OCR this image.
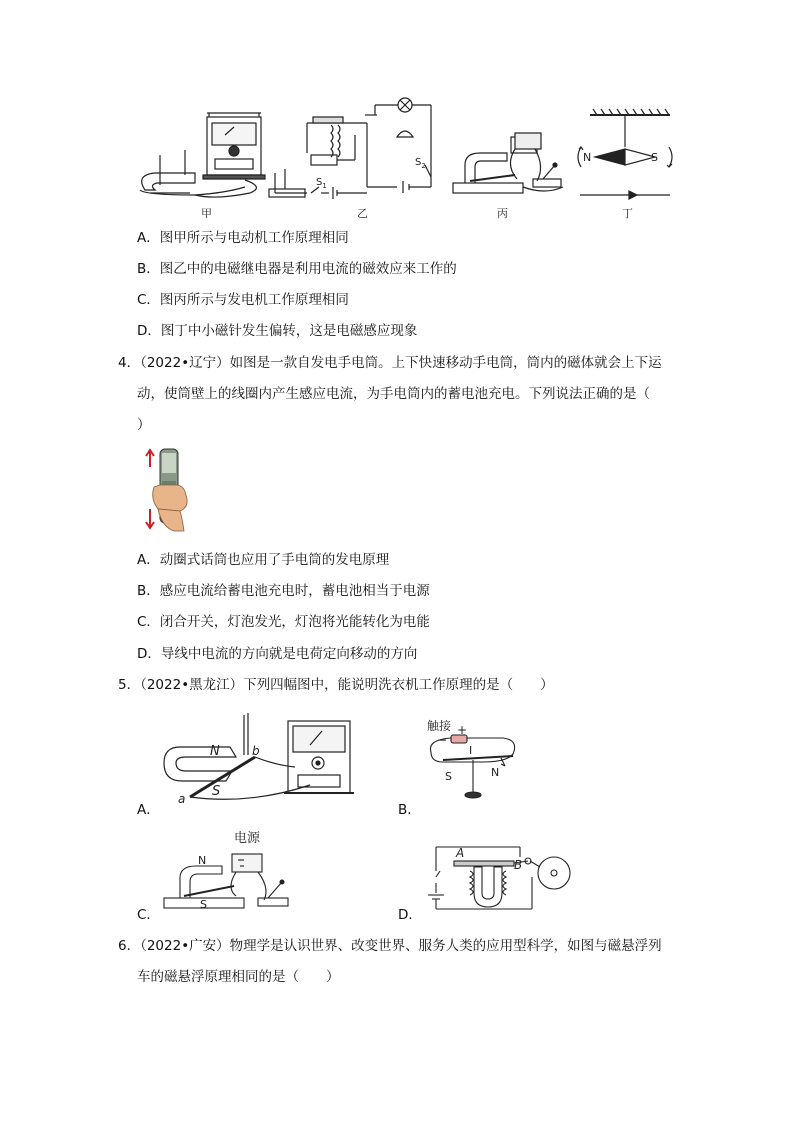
$S_1$
$S_2$
N	S
甲	乙	丙	丁
A．图甲所示与电动机工作原理相同
B．图乙中的电磁继电器是利用电流的磁效应来工作的
C．图丙所示与发电机工作原理相同
D．图丁中小磁针发生偏转，这是电磁感应现象
4．（2022•辽宁）如图是一款自发电手电筒。上下快速移动手电筒，筒内的磁体就会上下运
动，使筒壁上的线圈内产生感应电流，为手电筒内的蓄电池充电。下列说法正确的是（
）
A．动圈式话筒也应用了手电筒的发电原理
B．感应电流给蓄电池充电时，蓄电池相当于电源
C．闭合开关，灯泡发光，灯泡将光能转化为电能
D．导线中电流的方向就是电荷定向移动的方向
5．（2022•黑龙江）下列四幅图中，能说明洗衣机工作原理的是（　　）
N
S
a
b
A．
触接
−
+
I
S	N
B．
电源
N
S
C．
A
B
D．
6．（2022•广安）物理学是认识世界、改变世界、服务人类的应用型科学，如图与磁悬浮列
车的磁悬浮原理相同的是（　　）
